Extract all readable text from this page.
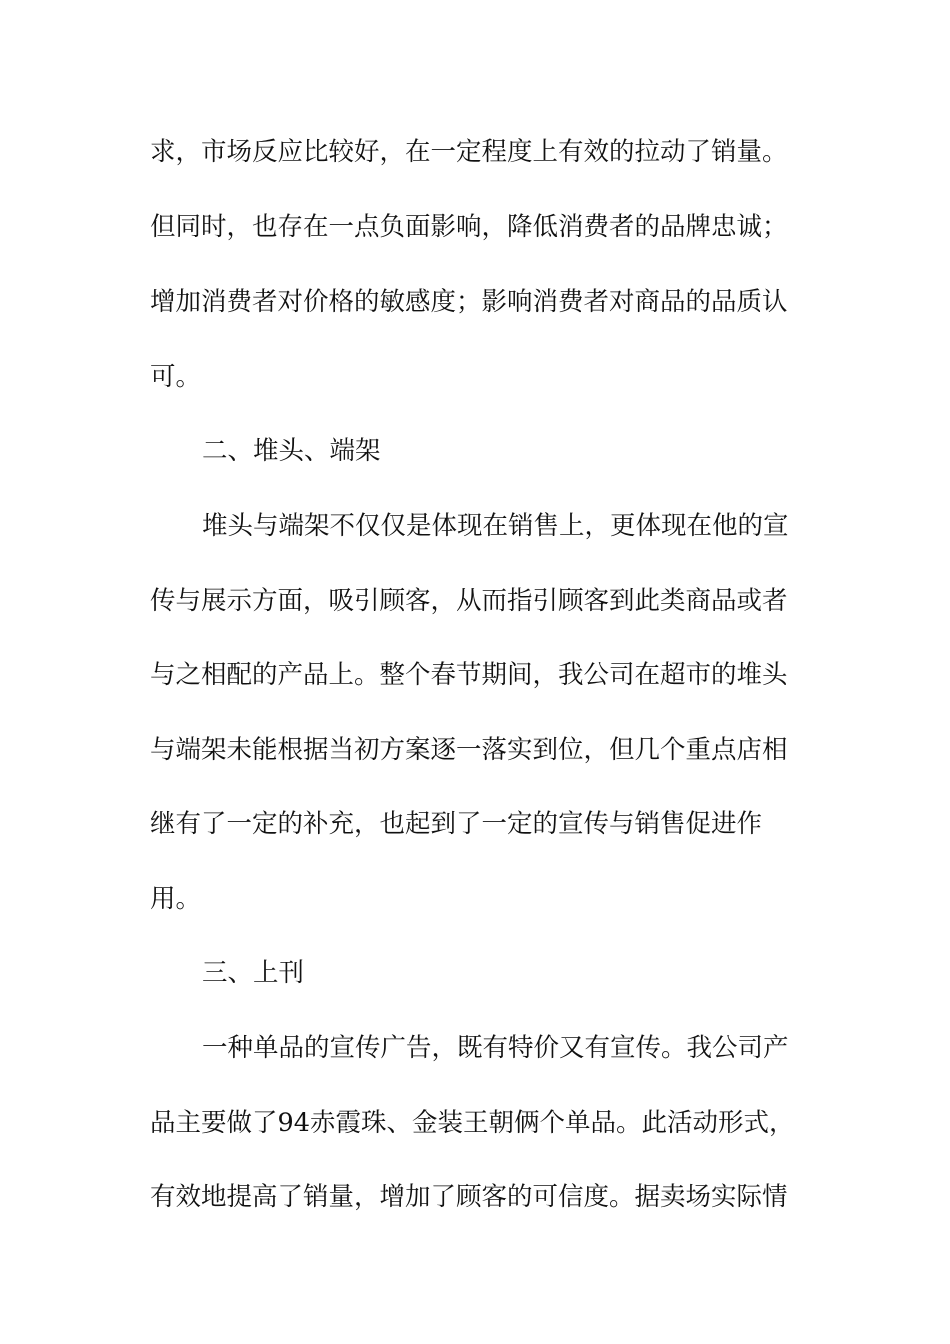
求，市场反应比较好，在一定程度上有效的拉动了销量。
但同时，也存在一点负面影响，降低消费者的品牌忠诚；
增加消费者对价格的敏感度；影响消费者对商品的品质认
可。
二、堆头、端架
堆头与端架不仅仅是体现在销售上，更体现在他的宣
传与展示方面，吸引顾客，从而指引顾客到此类商品或者
与之相配的产品上。整个春节期间，我公司在超市的堆头
与端架未能根据当初方案逐一落实到位，但几个重点店相
继有了一定的补充，也起到了一定的宣传与销售促进作
用。
三、上刊
一种单品的宣传广告，既有特价又有宣传。我公司产
品主要做了94赤霞珠、金装王朝俩个单品。此活动形式，
有效地提高了销量，增加了顾客的可信度。据卖场实际情
